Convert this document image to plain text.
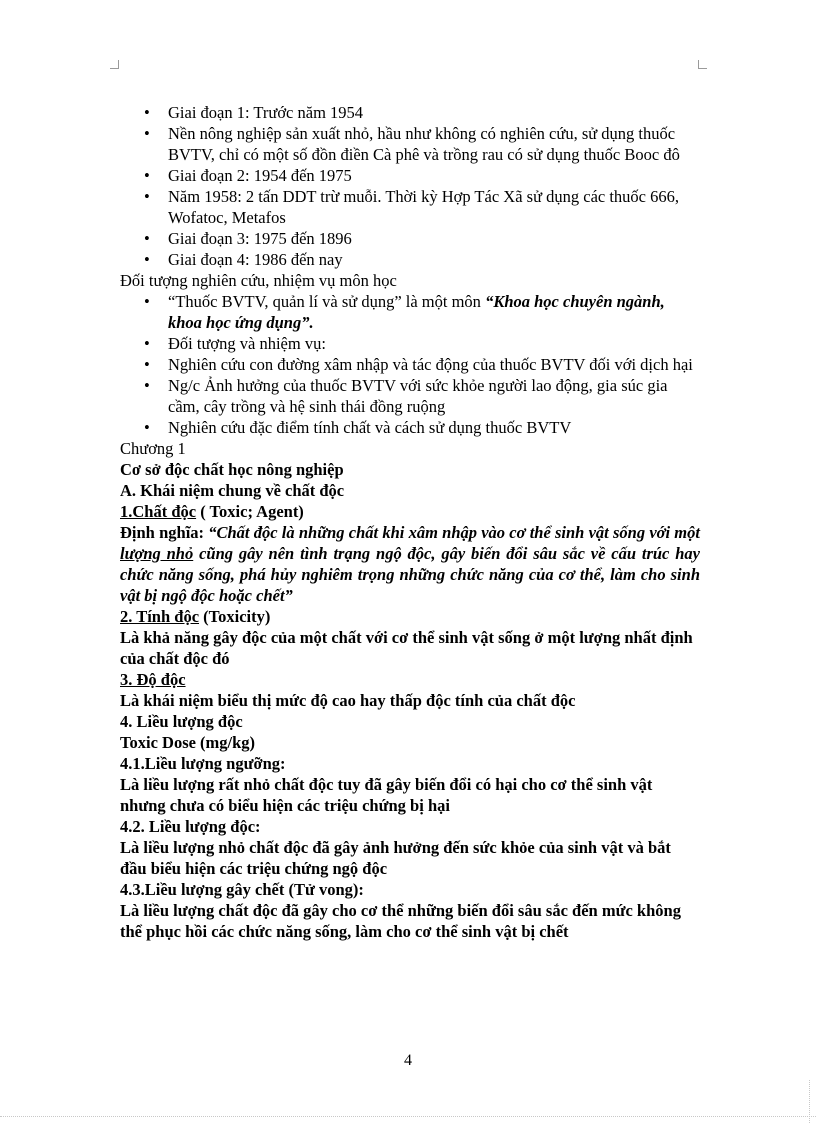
• Giai đoạn 1: Trước năm 1954
• Nền nông nghiệp sản xuất nhỏ, hầu như không có nghiên cứu, sử dụng thuốc BVTV, chỉ có một số đồn điền Cà phê và trồng rau có sử dụng thuốc Booc đô
• Giai đoạn 2: 1954 đến 1975
• Năm 1958: 2 tấn DDT trừ muỗi. Thời kỳ Hợp Tác Xã sử dụng các thuốc 666, Wofatoc, Metafos
• Giai đoạn 3: 1975 đến 1896
• Giai đoạn 4: 1986 đến nay
Đối tượng nghiên cứu, nhiệm vụ môn học
• “Thuốc BVTV, quản lí và sử dụng” là một môn “Khoa học chuyên ngành, khoa học ứng dụng”.
• Đối tượng và nhiệm vụ:
• Nghiên cứu con đường xâm nhập và tác động của thuốc BVTV đối với dịch hại
• Ng/c Ảnh hưởng của thuốc BVTV với sức khỏe người lao động, gia súc gia cầm, cây trồng và hệ sinh thái đồng ruộng
• Nghiên cứu đặc điểm tính chất và cách sử dụng thuốc BVTV
Chương 1
Cơ sở độc chất học nông nghiệp
A. Khái niệm chung về chất độc
1.Chất độc ( Toxic; Agent)
Định nghĩa: “Chất độc là những chất khi xâm nhập vào cơ thể sinh vật sống với một lượng nhỏ cũng gây nên tình trạng ngộ độc, gây biến đổi sâu sắc về cấu trúc hay chức năng sống, phá hủy nghiêm trọng những chức năng của cơ thể, làm cho sinh vật bị ngộ độc hoặc chết”
2. Tính độc (Toxicity)
Là khả năng gây độc của một chất với cơ thể sinh vật sống ở một lượng nhất định của chất độc đó
3. Độ độc
Là khái niệm biểu thị mức độ cao hay thấp độc tính của chất độc
4. Liều lượng độc
Toxic Dose (mg/kg)
4.1.Liều lượng ngưỡng:
Là liều lượng rất nhỏ chất độc tuy đã gây biến đổi có hại cho cơ thể sinh vật nhưng chưa có biểu hiện các triệu chứng bị hại
4.2. Liều lượng độc:
Là liều lượng nhỏ chất độc đã gây ảnh hưởng đến sức khỏe của sinh vật và bắt đầu biểu hiện các triệu chứng ngộ độc
4.3.Liều lượng gây chết (Tử vong):
Là liều lượng chất độc đã gây cho cơ thể những biến đổi sâu sắc đến mức không thể phục hồi các chức năng sống, làm cho cơ thể sinh vật bị chết
4
